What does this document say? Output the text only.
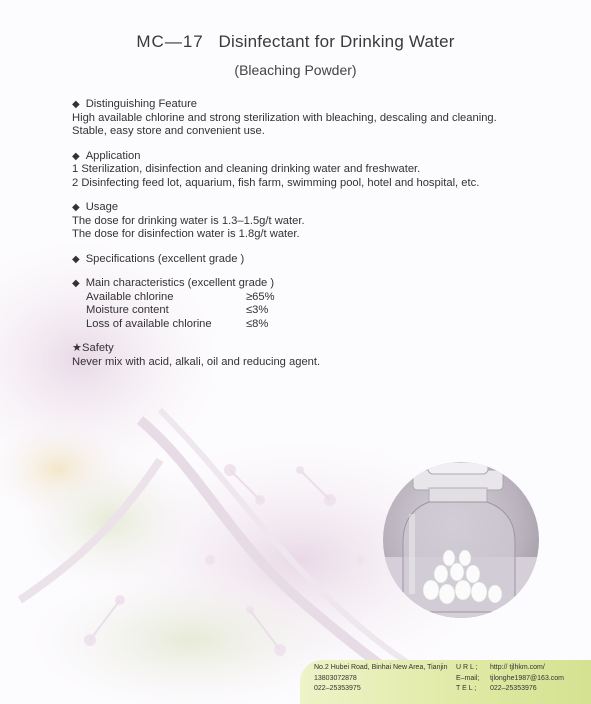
MC—17 Disinfectant for Drinking Water
(Bleaching Powder)
◆ Distinguishing Feature
High available chlorine and strong sterilization with bleaching, descaling and cleaning.
Stable, easy store and convenient use.
◆ Application
1 Sterilization, disinfection and cleaning drinking water and freshwater.
2 Disinfecting feed lot, aquarium, fish farm, swimming pool, hotel and hospital, etc.
◆ Usage
The dose for drinking water is 1.3–1.5g/t water.
The dose for disinfection water is 1.8g/t water.
◆ Specifications (excellent grade )
◆ Main characteristics (excellent grade )
Available chlorine	≥65%
Moisture content	≤3%
Loss of available chlorine	≤8%
★Safety
Never mix with acid, alkali, oil and reducing agent.
No.2 Hubei Road, Binhai New Area, Tianjin
13803072878
022–25353975
U R L ; http:// tjlhkm.com/
E–mail; tjlonghe1987@163.com
T E L ; 022–25353976
